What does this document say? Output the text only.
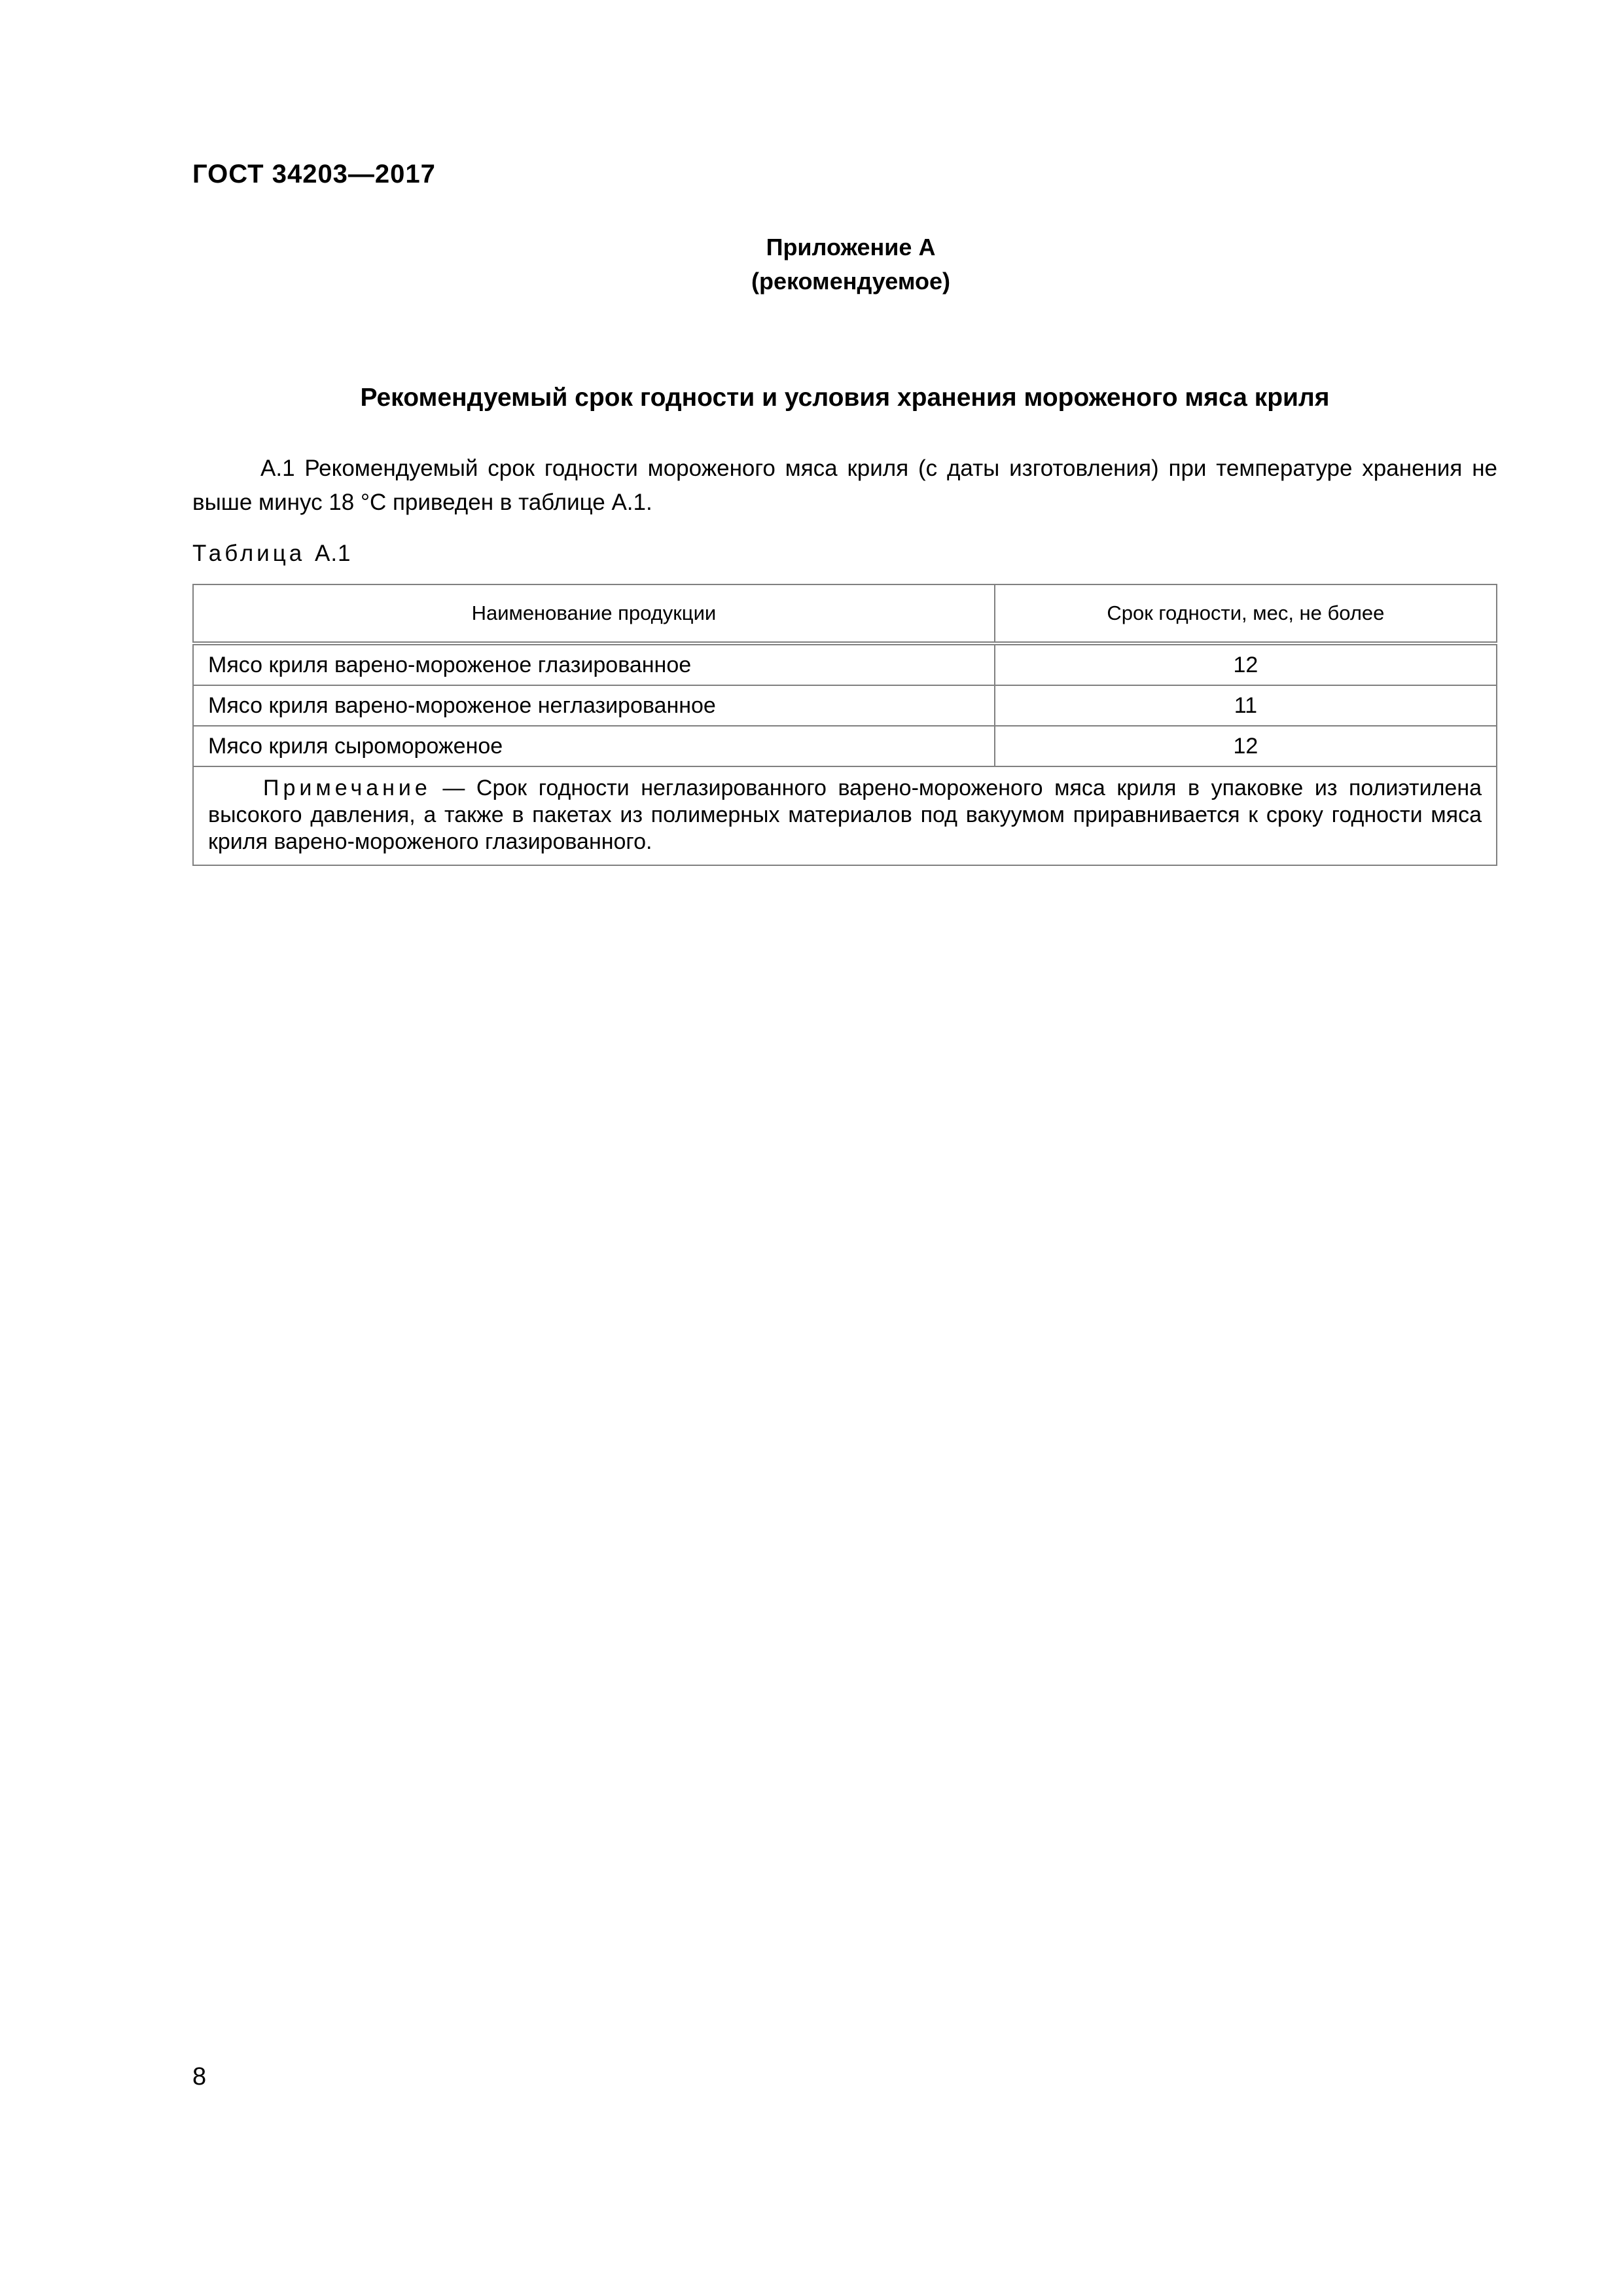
ГОСТ 34203—2017
Приложение А
(рекомендуемое)
Рекомендуемый срок годности и условия хранения мороженого мяса криля
А.1 Рекомендуемый срок годности мороженого мяса криля (с даты изготовления) при температуре хранения не выше минус 18 °С приведен в таблице А.1.
Таблица А.1
Наименование продукции	Срок годности, мес, не более
Мясо криля варено-мороженое глазированное	12
Мясо криля варено-мороженое неглазированное	11
Мясо криля сыромороженое	12
Примечание — Срок годности неглазированного варено-мороженого мяса криля в упаковке из полиэтилена высокого давления, а также в пакетах из полимерных материалов под вакуумом приравнивается к сроку годности мяса криля варено-мороженого глазированного.	
8
